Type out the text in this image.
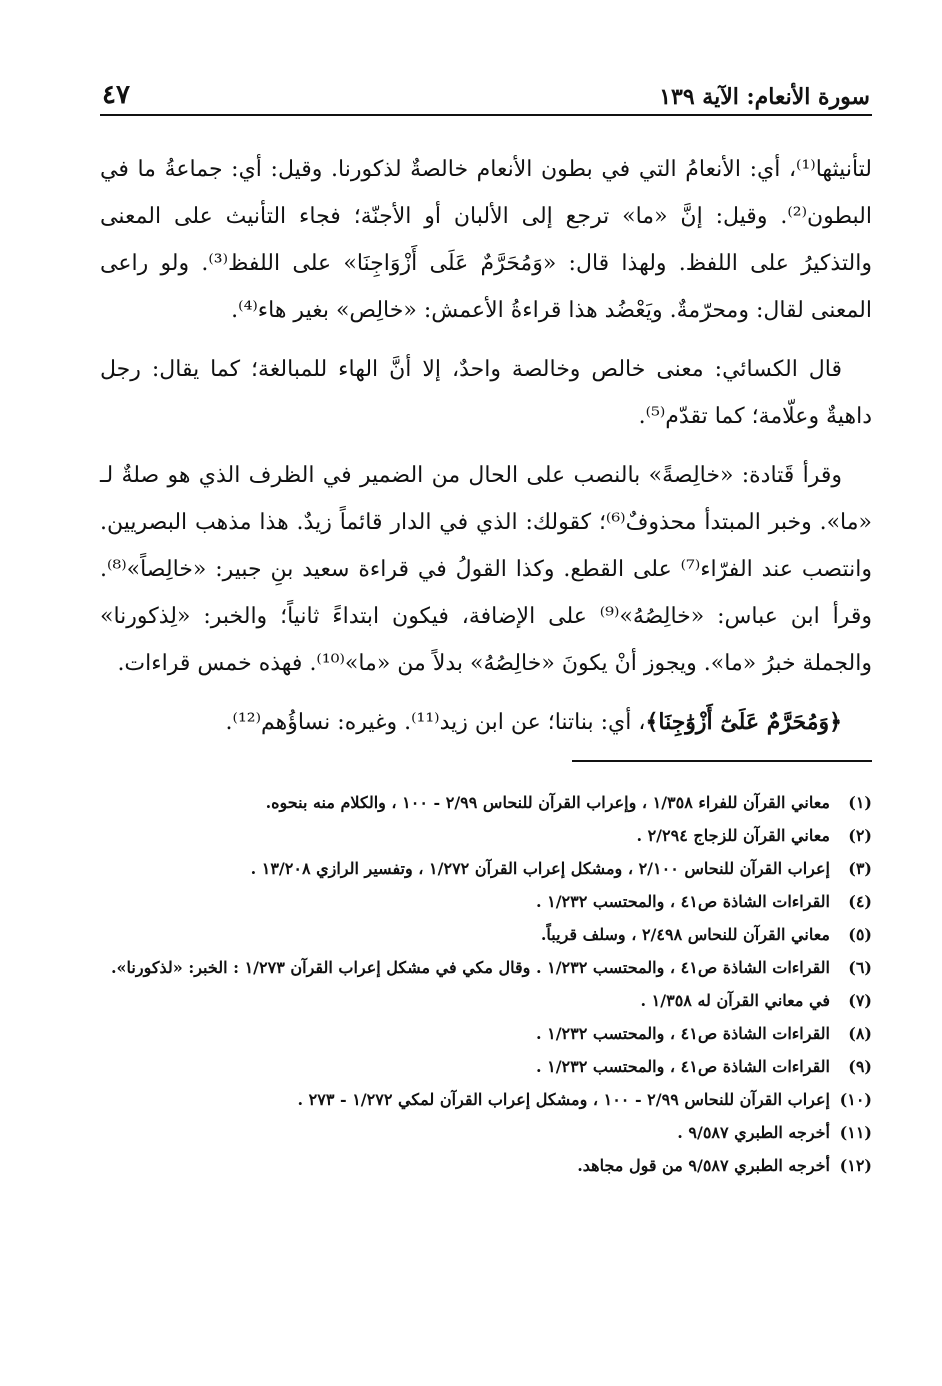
سورة الأنعام: الآية ١٣٩
٤٧

لتأنيثها⁽¹⁾، أي: الأنعامُ التي في بطون الأنعام خالصةٌ لذكورنا. وقيل: أي: جماعةُ ما في البطون⁽²⁾. وقيل: إنَّ «ما» ترجع إلى الألبان أو الأجنّة؛ فجاء التأنيث على المعنى والتذكيرُ على اللفظ. ولهذا قال: «وَمُحَرَّمٌ عَلَى أَزْوَاجِنَا» على اللفظ⁽³⁾. ولو راعى المعنى لقال: ومحرّمةٌ. ويَعْضُد هذا قراءةُ الأعمش: «خالِص» بغير هاء⁽⁴⁾.

قال الكسائي: معنى خالص وخالصة واحدٌ، إلا أنَّ الهاء للمبالغة؛ كما يقال: رجل داهيةٌ وعلّامة؛ كما تقدّم⁽⁵⁾.

وقرأ قَتادة: «خالِصةً» بالنصب على الحال من الضمير في الظرف الذي هو صلةٌ لـ «ما». وخبر المبتدأ محذوفٌ⁽⁶⁾؛ كقولك: الذي في الدار قائماً زيدٌ. هذا مذهب البصريين. وانتصب عند الفرّاء⁽⁷⁾ على القطع. وكذا القولُ في قراءة سعيد بنِ جبير: «خالِصاً»⁽⁸⁾. وقرأ ابن عباس: «خالِصُهُ»⁽⁹⁾ على الإضافة، فيكون ابتداءً ثانياً؛ والخبر: «لِذكورنا» والجملة خبرُ «ما». ويجوز أنْ يكونَ «خالِصُهُ» بدلاً من «ما»⁽¹⁰⁾. فهذه خمس قراءات.

﴿وَمُحَرَّمٌ عَلَىٰٓ أَزْوَٰجِنَا﴾، أي: بناتنا؛ عن ابن زيد⁽¹¹⁾. وغيره: نساؤُهم⁽¹²⁾.

(١)
معاني القرآن للفراء ١/٣٥٨ ، وإعراب القرآن للنحاس ٢/٩٩ - ١٠٠ ، والكلام منه بنحوه.
(٢)
معاني القرآن للزجاج ٢/٢٩٤ .
(٣)
إعراب القرآن للنحاس ٢/١٠٠ ، ومشكل إعراب القرآن ١/٢٧٢ ، وتفسير الرازي ١٣/٢٠٨ .
(٤)
القراءات الشاذة ص٤١ ، والمحتسب ١/٢٣٢ .
(٥)
معاني القرآن للنحاس ٢/٤٩٨ ، وسلف قريباً.
(٦)
القراءات الشاذة ص٤١ ، والمحتسب ١/٢٣٢ . وقال مكي في مشكل إعراب القرآن ١/٢٧٣ : الخبر: «لذكورنا».
(٧)
في معاني القرآن له ١/٣٥٨ .
(٨)
القراءات الشاذة ص٤١ ، والمحتسب ١/٢٣٢ .
(٩)
القراءات الشاذة ص٤١ ، والمحتسب ١/٢٣٢ .
(١٠)
إعراب القرآن للنحاس ٢/٩٩ - ١٠٠ ، ومشكل إعراب القرآن لمكي ١/٢٧٢ - ٢٧٣ .
(١١)
أخرجه الطبري ٩/٥٨٧ .
(١٢)
أخرجه الطبري ٩/٥٨٧ من قول مجاهد.
